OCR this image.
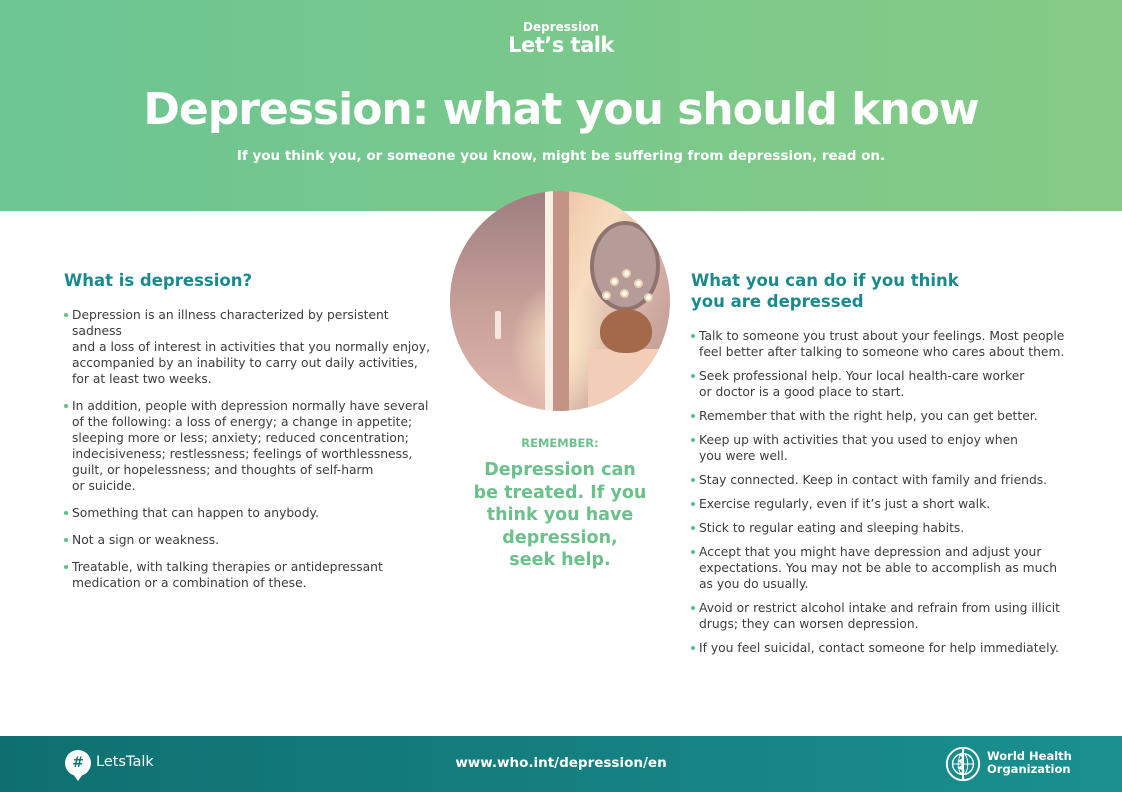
Depression
Let’s talk
Depression: what you should know
If you think you, or someone you know, might be suffering from depression, read on.
What is depression?
Depression is an illness characterized by persistent sadness
and a loss of interest in activities that you normally enjoy,
accompanied by an inability to carry out daily activities,
for at least two weeks.
In addition, people with depression normally have several
of the following: a loss of energy; a change in appetite;
sleeping more or less; anxiety; reduced concentration;
indecisiveness; restlessness; feelings of worthlessness,
guilt, or hopelessness; and thoughts of self-harm
or suicide.
Something that can happen to anybody.
Not a sign or weakness.
Treatable, with talking therapies or antidepressant
medication or a combination of these.
REMEMBER:
Depression can
be treated. If you
think you have
depression,
seek help.
What you can do if you think
you are depressed
Talk to someone you trust about your feelings. Most people
feel better after talking to someone who cares about them.
Seek professional help. Your local health-care worker
or doctor is a good place to start.
Remember that with the right help, you can get better.
Keep up with activities that you used to enjoy when
you were well.
Stay connected. Keep in contact with family and friends.
Exercise regularly, even if it’s just a short walk.
Stick to regular eating and sleeping habits.
Accept that you might have depression and adjust your
expectations. You may not be able to accomplish as much
as you do usually.
Avoid or restrict alcohol intake and refrain from using illicit
drugs; they can worsen depression.
If you feel suicidal, contact someone for help immediately.
# LetsTalk	www.who.int/depression/en	World Health
Organization
